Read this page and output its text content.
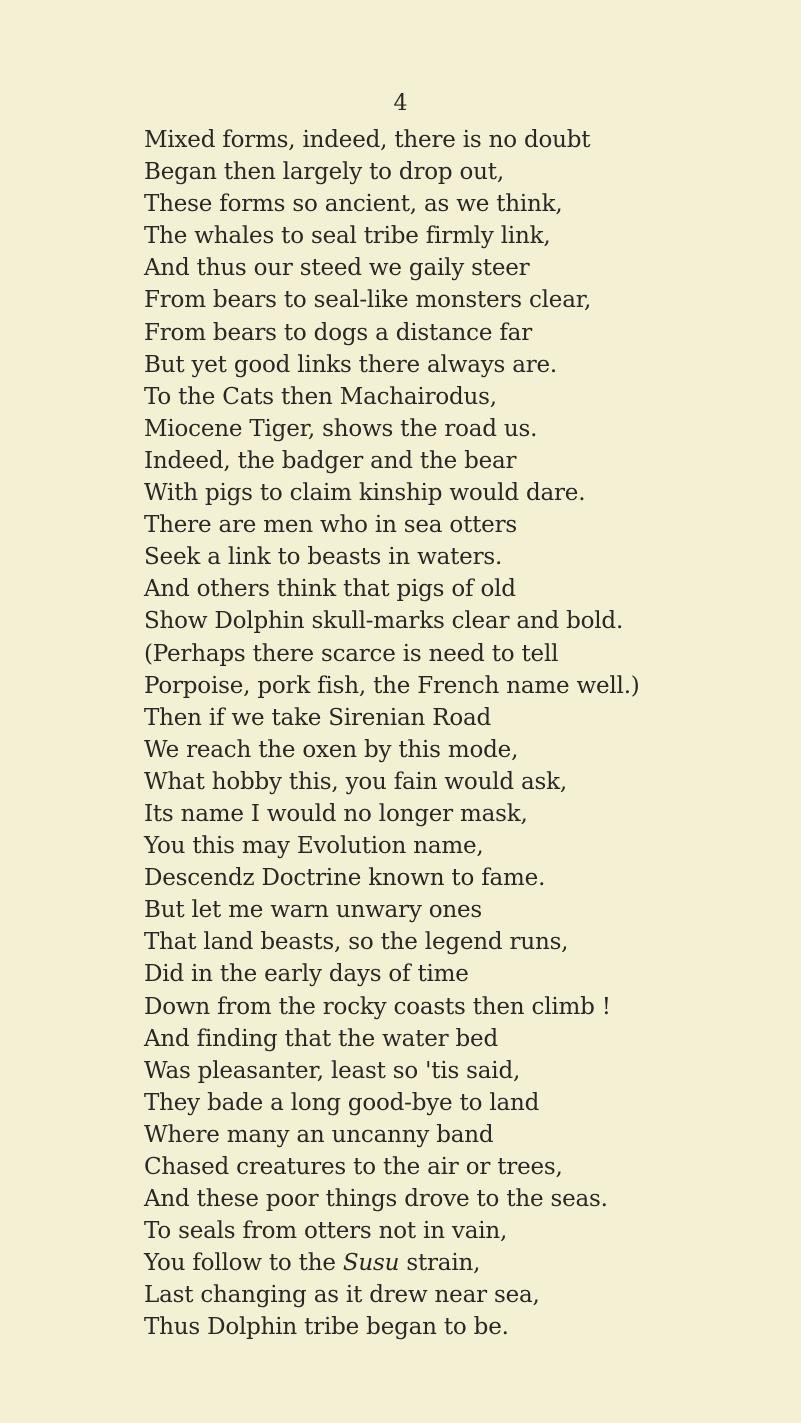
4
Mixed forms, indeed, there is no doubt
Began then largely to drop out,
These forms so ancient, as we think,
The whales to seal tribe firmly link,
And thus our steed we gaily steer
From bears to seal-like monsters clear,
From bears to dogs a distance far
But yet good links there always are.
To the Cats then Machairodus,
Miocene Tiger, shows the road us.
Indeed, the badger and the bear
With pigs to claim kinship would dare.
There are men who in sea otters
Seek a link to beasts in waters.
And others think that pigs of old
Show Dolphin skull-marks clear and bold.
(Perhaps there scarce is need to tell
Porpoise, pork fish, the French name well.)
Then if we take Sirenian Road
We reach the oxen by this mode,
What hobby this, you fain would ask,
Its name I would no longer mask,
You this may Evolution name,
Descendz Doctrine known to fame.
But let me warn unwary ones
That land beasts, so the legend runs,
Did in the early days of time
Down from the rocky coasts then climb !
And finding that the water bed
Was pleasanter, least so 'tis said,
They bade a long good-bye to land
Where many an uncanny band
Chased creatures to the air or trees,
And these poor things drove to the seas.
To seals from otters not in vain,
You follow to the Susu strain,
Last changing as it drew near sea,
Thus Dolphin tribe began to be.
